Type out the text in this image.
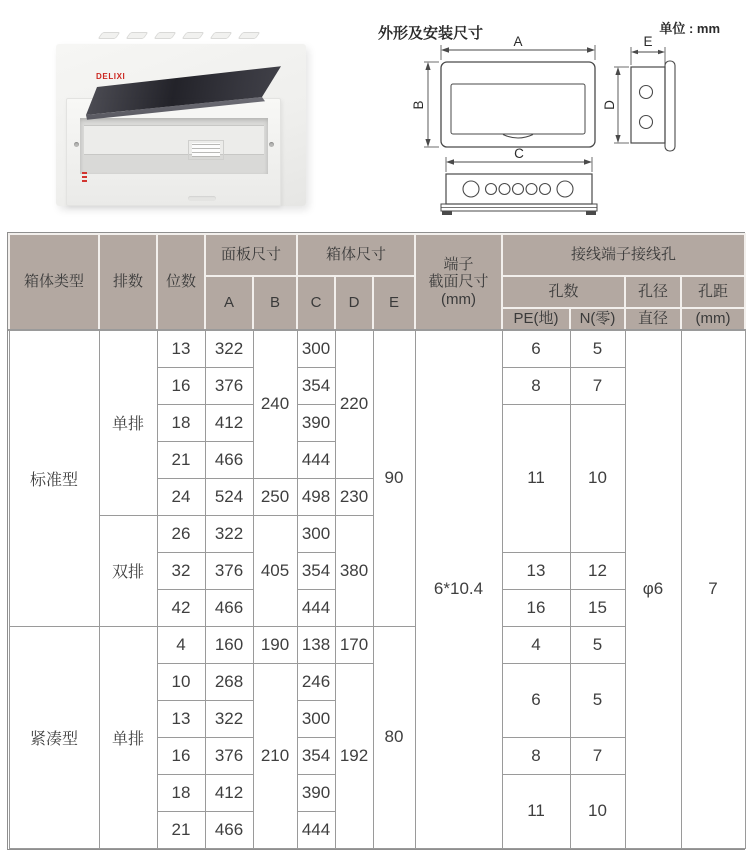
DELIXI
外形及安装尺寸	单位 : mm
A
B
C
E
D
箱体类型	排数	位数	面板尺寸		箱体尺寸			端子
截面尺寸
(mm)	接线端子接线孔			
			A	B	C	D	E		孔数		孔径	孔距
									PE(地)	N(零)	直径	(mm)
标准型	单排	13	322	240	300	220	90	6*10.4	6	5	φ6	7
		16	376		354				8	7		
		18	412		390				11	10		
		21	466		444							
		24	524	250	498	230						
	双排	26	322	405	300	380						
		32	376		354				13	12		
		42	466		444				16	15		
紧凑型	单排	4	160	190	138	170	80		4	5		
		10	268	210	246	192			6	5		
		13	322		300							
		16	376		354				8	7		
		18	412		390				11	10		
		21	466		444							
